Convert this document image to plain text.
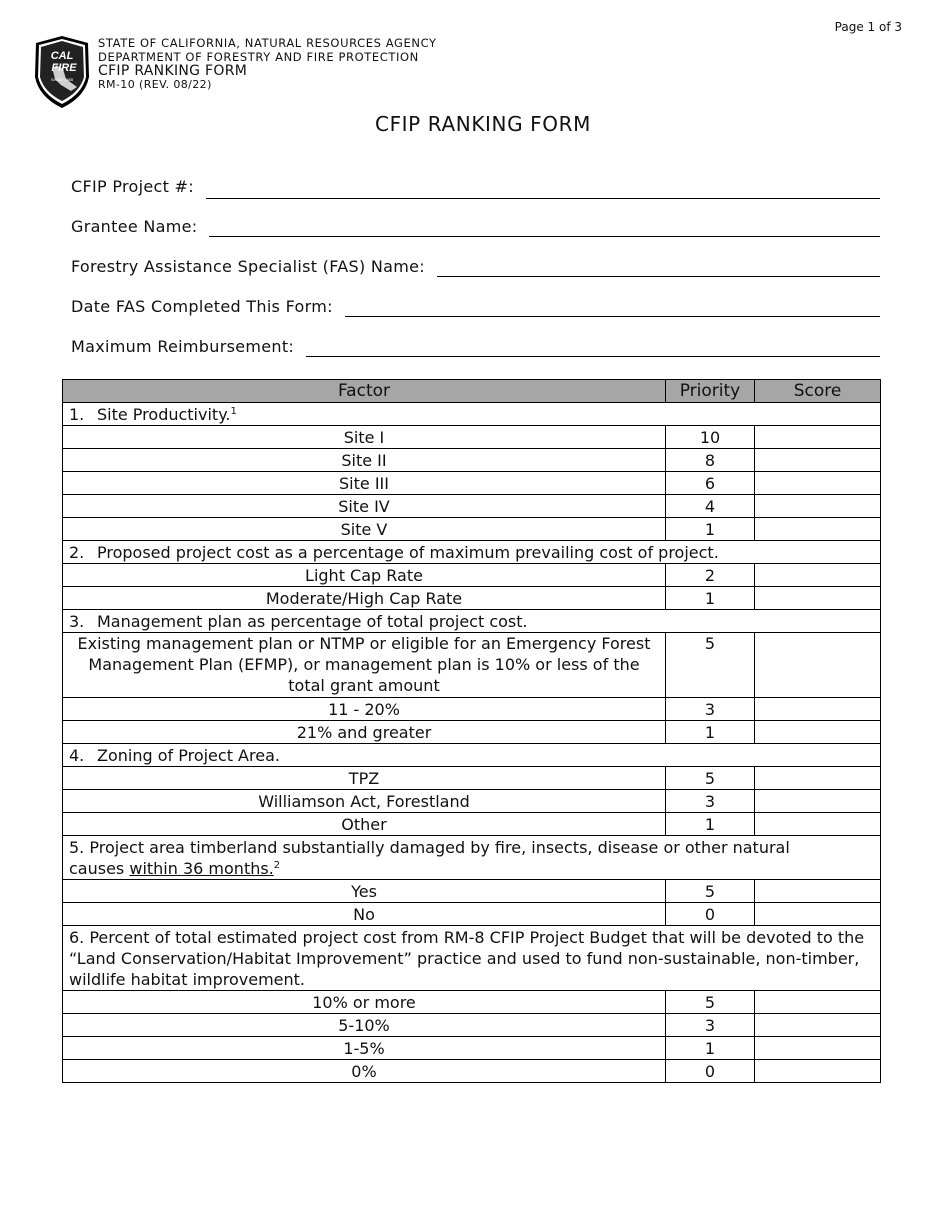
Page 1 of 3
CAL
FIRE
SINCE 1885
STATE OF CALIFORNIA, NATURAL RESOURCES AGENCY
DEPARTMENT OF FORESTRY AND FIRE PROTECTION
CFIP RANKING FORM
RM-10 (REV. 08/22)
CFIP RANKING FORM
CFIP Project #:
Grantee Name:
Forestry Assistance Specialist (FAS) Name:
Date FAS Completed This Form:
Maximum Reimbursement:
Factor	Priority	Score
1. Site Productivity.$^1$
Site I	10	
Site II	8	
Site III	6	
Site IV	4	
Site V	1	
2. Proposed project cost as a percentage of maximum prevailing cost of project.		
Light Cap Rate	2	
Moderate/High Cap Rate	1	
3. Management plan as percentage of total project cost.		
Existing management plan or NTMP or eligible for an Emergency Forest Management Plan (EFMP), or management plan is 10% or less of the total grant amount	5	
11 - 20%	3	
21% and greater	1	
4. Zoning of Project Area.		
TPZ	5	
Williamson Act, Forestland	3	
Other	1	
5. Project area timberland substantially damaged by fire, insects, disease or other natural causes within 36 months.$^2$
Yes	5	
No	0	
6. Percent of total estimated project cost from RM-8 CFIP Project Budget that will be devoted to the “Land Conservation/Habitat Improvement” practice and used to fund non-sustainable, non-timber, wildlife habitat improvement.		
10% or more	5	
5-10%	3	
1-5%	1	
0%	0	
